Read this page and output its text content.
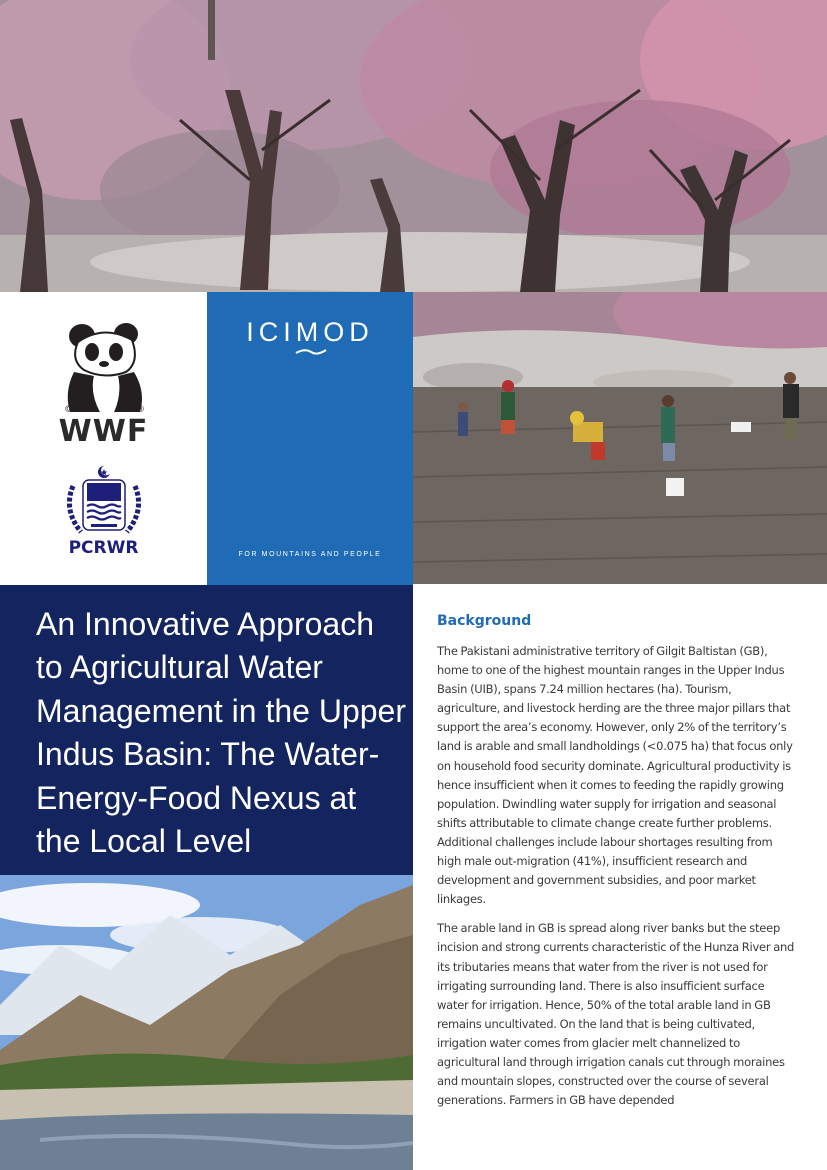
©	®
WWF
PCRWR
ICIMOD
FOR MOUNTAINS AND PEOPLE
An Innovative Approach to Agricultural Water Management in the Upper Indus Basin: The Water-Energy-Food Nexus at the Local Level
Background

The Pakistani administrative territory of Gilgit Baltistan (GB), home to one of the highest mountain ranges in the Upper Indus Basin (UIB), spans 7.24 million hectares (ha). Tourism, agriculture, and livestock herding are the three major pillars that support the area’s economy. However, only 2% of the territory’s land is arable and small landholdings (<0.075 ha) that focus only on household food security dominate. Agricultural productivity is hence insufficient when it comes to feeding the rapidly growing population. Dwindling water supply for irrigation and seasonal shifts attributable to climate change create further problems. Additional challenges include labour shortages resulting from high male out-migration (41%), insufficient research and development and government subsidies, and poor market linkages.

The arable land in GB is spread along river banks but the steep incision and strong currents characteristic of the Hunza River and its tributaries means that water from the river is not used for irrigating surrounding land. There is also insufficient surface water for irrigation. Hence, 50% of the total arable land in GB remains uncultivated. On the land that is being cultivated, irrigation water comes from glacier melt channelized to agricultural land through irrigation canals cut through moraines and mountain slopes, constructed over the course of several generations. Farmers in GB have depended
